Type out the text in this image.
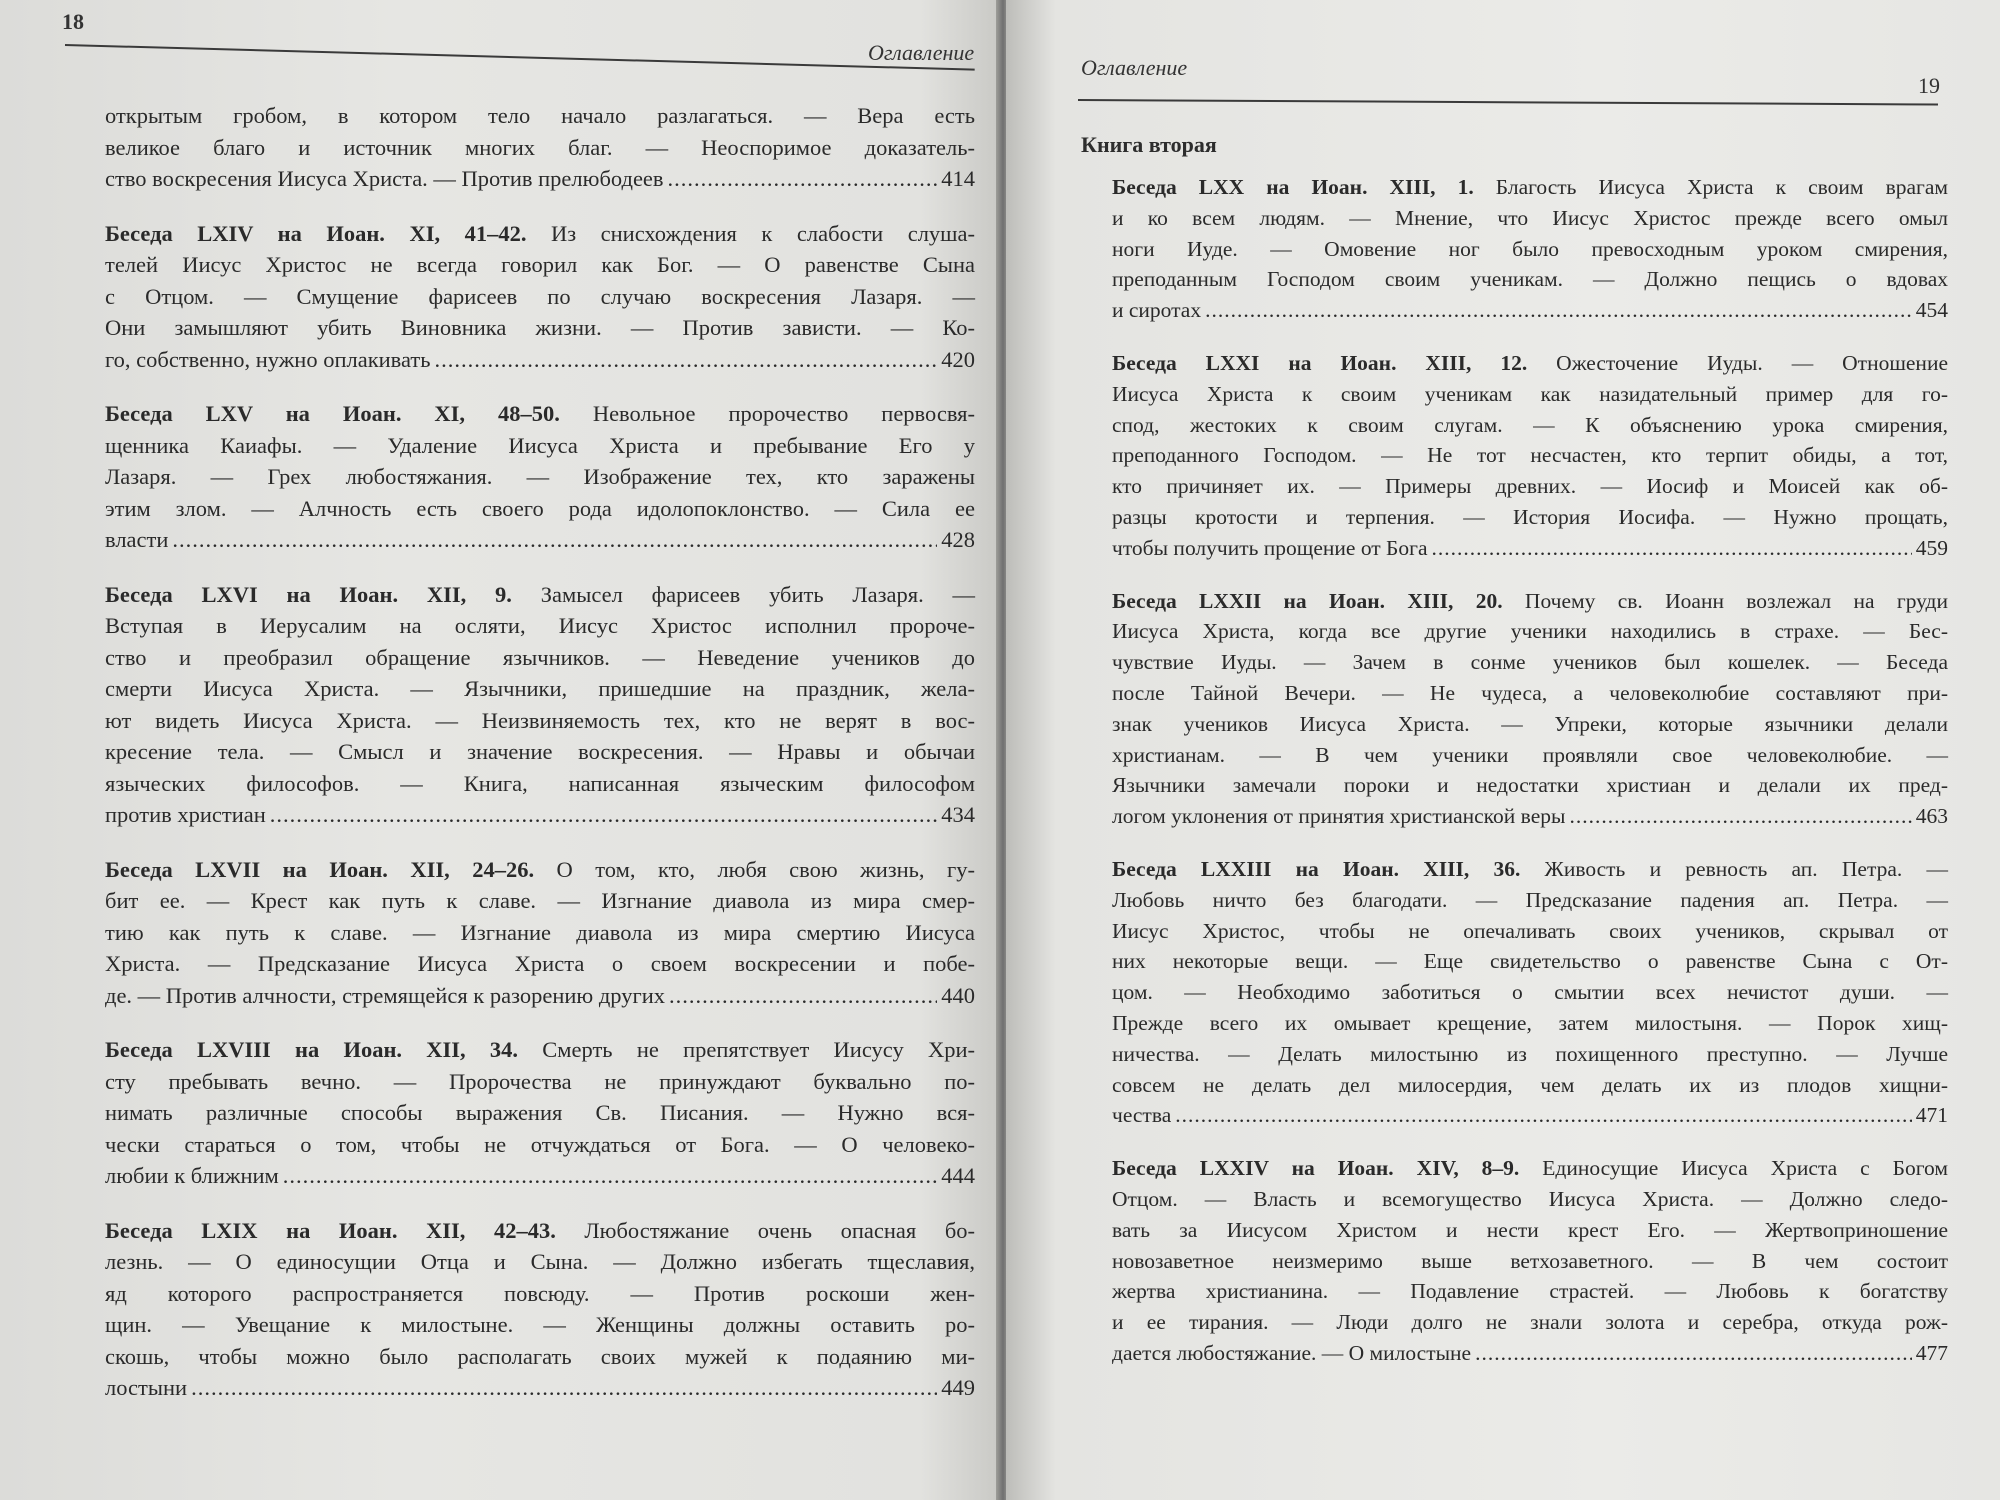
18
Оглавление
открытым гробом, в котором тело начало разлагаться. — Вера есть
великое благо и источник многих благ. — Неоспоримое доказатель-
ство воскресения Иисуса Христа. — Против прелюбодеев .....	414
Беседа LXIV на Иоан. XI, 41–42. Из снисхождения к слабости слуша-
телей Иисус Христос не всегда говорил как Бог. — О равенстве Сына
с Отцом. — Смущение фарисеев по случаю воскресения Лазаря. —
Они замышляют убить Виновника жизни. — Против зависти. — Ко-
го, собственно, нужно оплакивать .....	420
Беседа LXV на Иоан. XI, 48–50. Невольное пророчество первосвя-
щенника Каиафы. — Удаление Иисуса Христа и пребывание Его у
Лазаря. — Грех любостяжания. — Изображение тех, кто заражены
этим злом. — Алчность есть своего рода идолопоклонство. — Сила ее
власти .....	428
Беседа LXVI на Иоан. XII, 9. Замысел фарисеев убить Лазаря. —
Вступая в Иерусалим на осляти, Иисус Христос исполнил пророче-
ство и преобразил обращение язычников. — Неведение учеников до
смерти Иисуса Христа. — Язычники, пришедшие на праздник, жела-
ют видеть Иисуса Христа. — Неизвиняемость тех, кто не верят в вос-
кресение тела. — Смысл и значение воскресения. — Нравы и обычаи
языческих философов. — Книга, написанная языческим философом
против христиан .....	434
Беседа LXVII на Иоан. XII, 24–26. О том, кто, любя свою жизнь, гу-
бит ее. — Крест как путь к славе. — Изгнание диавола из мира смер-
тию как путь к славе. — Изгнание диавола из мира смертию Иисуса
Христа. — Предсказание Иисуса Христа о своем воскресении и побе-
де. — Против алчности, стремящейся к разорению других .....	440
Беседа LXVIII на Иоан. XII, 34. Смерть не препятствует Иисусу Хри-
сту пребывать вечно. — Пророчества не принуждают буквально по-
нимать различные способы выражения Св. Писания. — Нужно вся-
чески стараться о том, чтобы не отчуждаться от Бога. — О человеко-
любии к ближним .....	444
Беседа LXIX на Иоан. XII, 42–43. Любостяжание очень опасная бо-
лезнь. — О единосущии Отца и Сына. — Должно избегать тщеславия,
яд которого распространяется повсюду. — Против роскоши жен-
щин. — Увещание к милостыне. — Женщины должны оставить ро-
скошь, чтобы можно было располагать своих мужей к подаянию ми-
лостыни .....	449
Оглавление
19
Книга вторая
Беседа LXX на Иоан. XIII, 1. Благость Иисуса Христа к своим врагам
и ко всем людям. — Мнение, что Иисус Христос прежде всего омыл
ноги Иуде. — Омовение ног было превосходным уроком смирения,
преподанным Господом своим ученикам. — Должно пещись о вдовах
и сиротах .....	454
Беседа LXXI на Иоан. XIII, 12. Ожесточение Иуды. — Отношение
Иисуса Христа к своим ученикам как назидательный пример для го-
спод, жестоких к своим слугам. — К объяснению урока смирения,
преподанного Господом. — Не тот несчастен, кто терпит обиды, а тот,
кто причиняет их. — Примеры древних. — Иосиф и Моисей как об-
разцы кротости и терпения. — История Иосифа. — Нужно прощать,
чтобы получить прощение от Бога .....	459
Беседа LXXII на Иоан. XIII, 20. Почему св. Иоанн возлежал на груди
Иисуса Христа, когда все другие ученики находились в страхе. — Бес-
чувствие Иуды. — Зачем в сонме учеников был кошелек. — Беседа
после Тайной Вечери. — Не чудеса, а человеколюбие составляют при-
знак учеников Иисуса Христа. — Упреки, которые язычники делали
христианам. — В чем ученики проявляли свое человеколюбие. —
Язычники замечали пороки и недостатки христиан и делали их пред-
логом уклонения от принятия христианской веры .....	463
Беседа LXXIII на Иоан. XIII, 36. Живость и ревность ап. Петра. —
Любовь ничто без благодати. — Предсказание падения ап. Петра. —
Иисус Христос, чтобы не опечаливать своих учеников, скрывал от
них некоторые вещи. — Еще свидетельство о равенстве Сына с От-
цом. — Необходимо заботиться о смытии всех нечистот души. —
Прежде всего их омывает крещение, затем милостыня. — Порок хищ-
ничества. — Делать милостыню из похищенного преступно. — Лучше
совсем не делать дел милосердия, чем делать их из плодов хищни-
чества .....	471
Беседа LXXIV на Иоан. XIV, 8–9. Единосущие Иисуса Христа с Богом
Отцом. — Власть и всемогущество Иисуса Христа. — Должно следо-
вать за Иисусом Христом и нести крест Его. — Жертвоприношение
новозаветное неизмеримо выше ветхозаветного. — В чем состоит
жертва христианина. — Подавление страстей. — Любовь к богатству
и ее тирания. — Люди долго не знали золота и серебра, откуда рож-
дается любостяжание. — О милостыне .....	477
